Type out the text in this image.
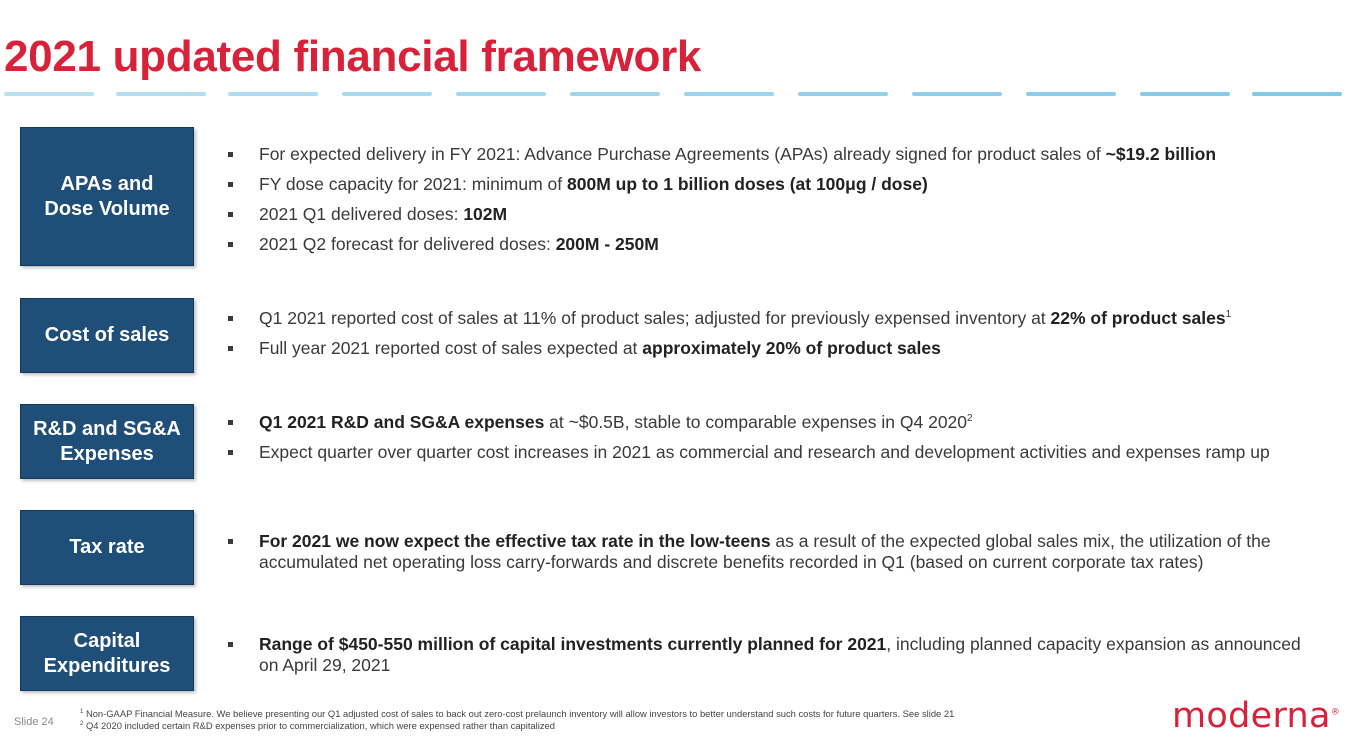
2021 updated financial framework
APAs and
Dose Volume
For expected delivery in FY 2021: Advance Purchase Agreements (APAs) already signed for product sales of ~$19.2 billion
FY dose capacity for 2021: minimum of 800M up to 1 billion doses (at 100μg / dose)
2021 Q1 delivered doses: 102M
2021 Q2 forecast for delivered doses: 200M - 250M
Cost of sales
Q1 2021 reported cost of sales at 11% of product sales; adjusted for previously expensed inventory at 22% of product sales$^1$
Full year 2021 reported cost of sales expected at approximately 20% of product sales
R&D and SG&A
Expenses
Q1 2021 R&D and SG&A expenses at ~$0.5B, stable to comparable expenses in Q4 2020$^2$
Expect quarter over quarter cost increases in 2021 as commercial and research and development activities and expenses ramp up
Tax rate	For 2021 we now expect the effective tax rate in the low-teens as a result of the expected global sales mix, the utilization of the accumulated net operating loss carry-forwards and discrete benefits recorded in Q1 (based on current corporate tax rates)
Capital
Expenditures
Range of $450-550 million of capital investments currently planned for 2021, including planned capacity expansion as announced on April 29, 2021
Slide 24
$^1$ Non-GAAP Financial Measure. We believe presenting our Q1 adjusted cost of sales to back out zero-cost prelaunch inventory will allow investors to better understand such costs for future quarters. See slide 21
$^2$ Q4 2020 included certain R&D expenses prior to commercialization, which were expensed rather than capitalized	moderna®
